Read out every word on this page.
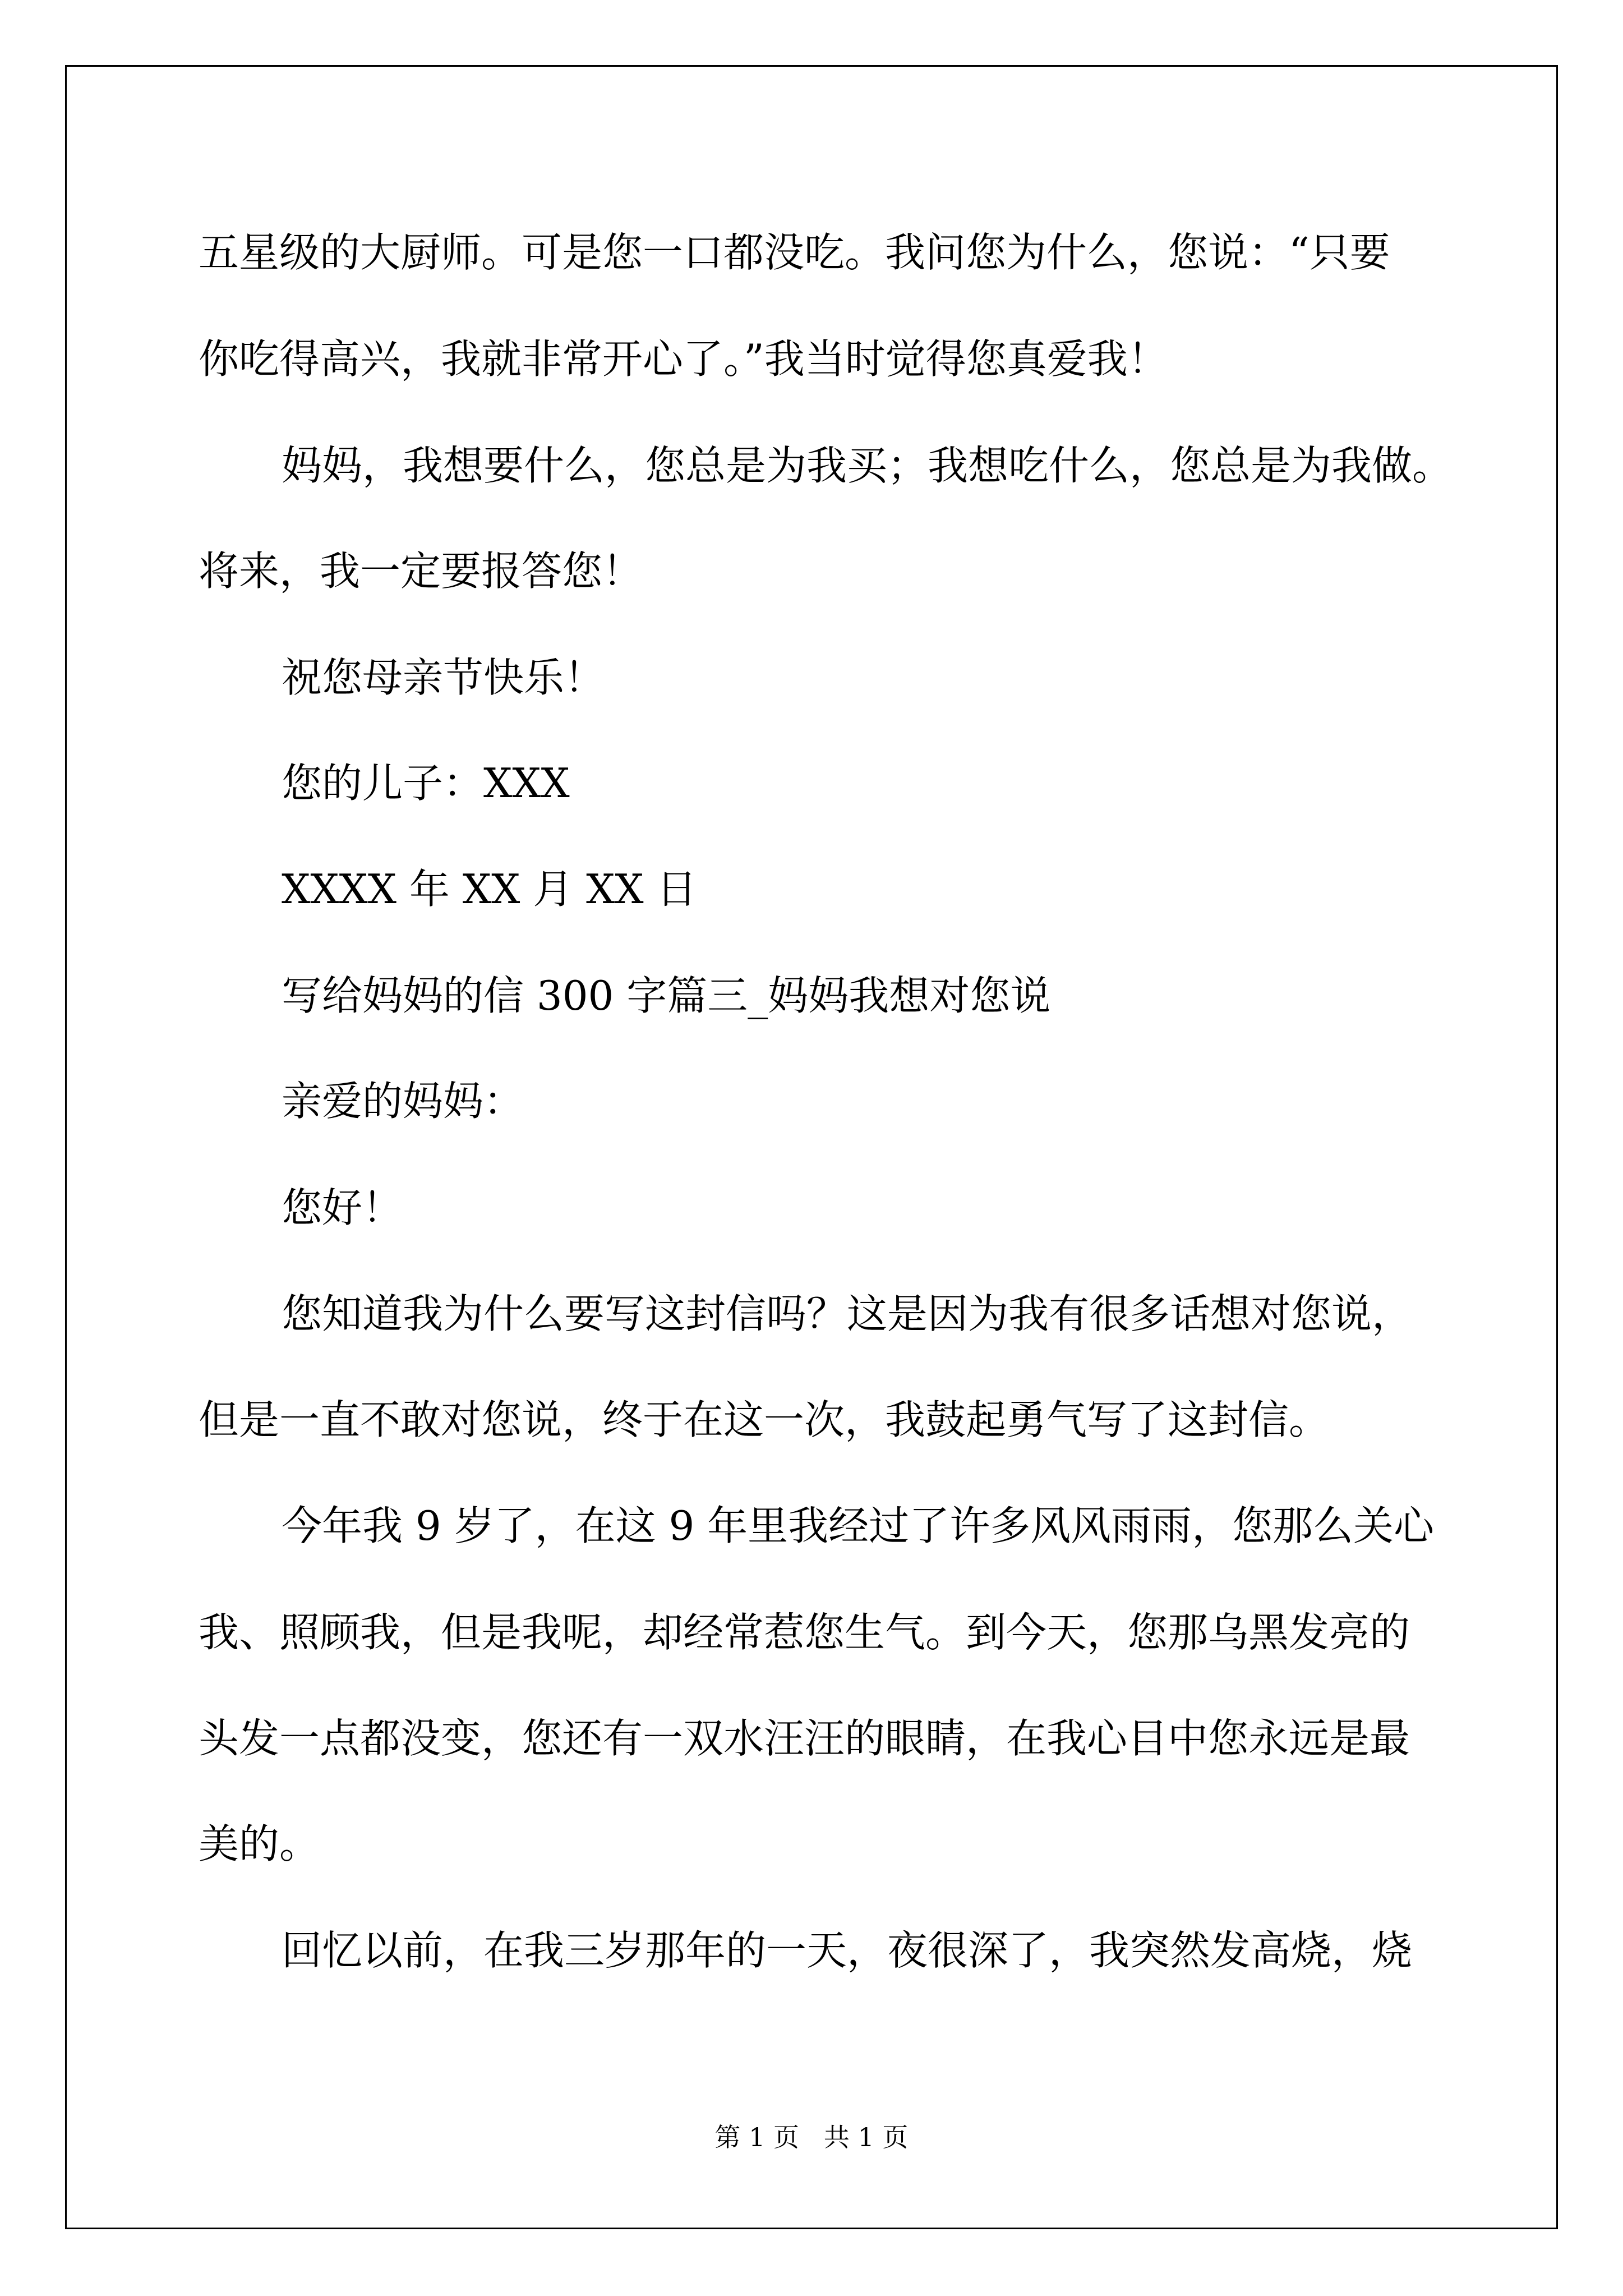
五星级的大厨师。可是您一口都没吃。我问您为什么，您说：“只要
你吃得高兴，我就非常开心了。”我当时觉得您真爱我！
妈妈，我想要什么，您总是为我买；我想吃什么，您总是为我做。
将来，我一定要报答您！
祝您母亲节快乐！
您的儿子：XXX
XXXX 年 XX 月 XX 日
写给妈妈的信 300 字篇三_妈妈我想对您说
亲爱的妈妈：
您好！
您知道我为什么要写这封信吗？这是因为我有很多话想对您说，
但是一直不敢对您说，终于在这一次，我鼓起勇气写了这封信。
今年我 9 岁了，在这 9 年里我经过了许多风风雨雨，您那么关心
我、照顾我，但是我呢，却经常惹您生气。到今天，您那乌黑发亮的
头发一点都没变，您还有一双水汪汪的眼睛，在我心目中您永远是最
美的。
回忆以前，在我三岁那年的一天，夜很深了，我突然发高烧，烧
第 1 页   共 1 页
